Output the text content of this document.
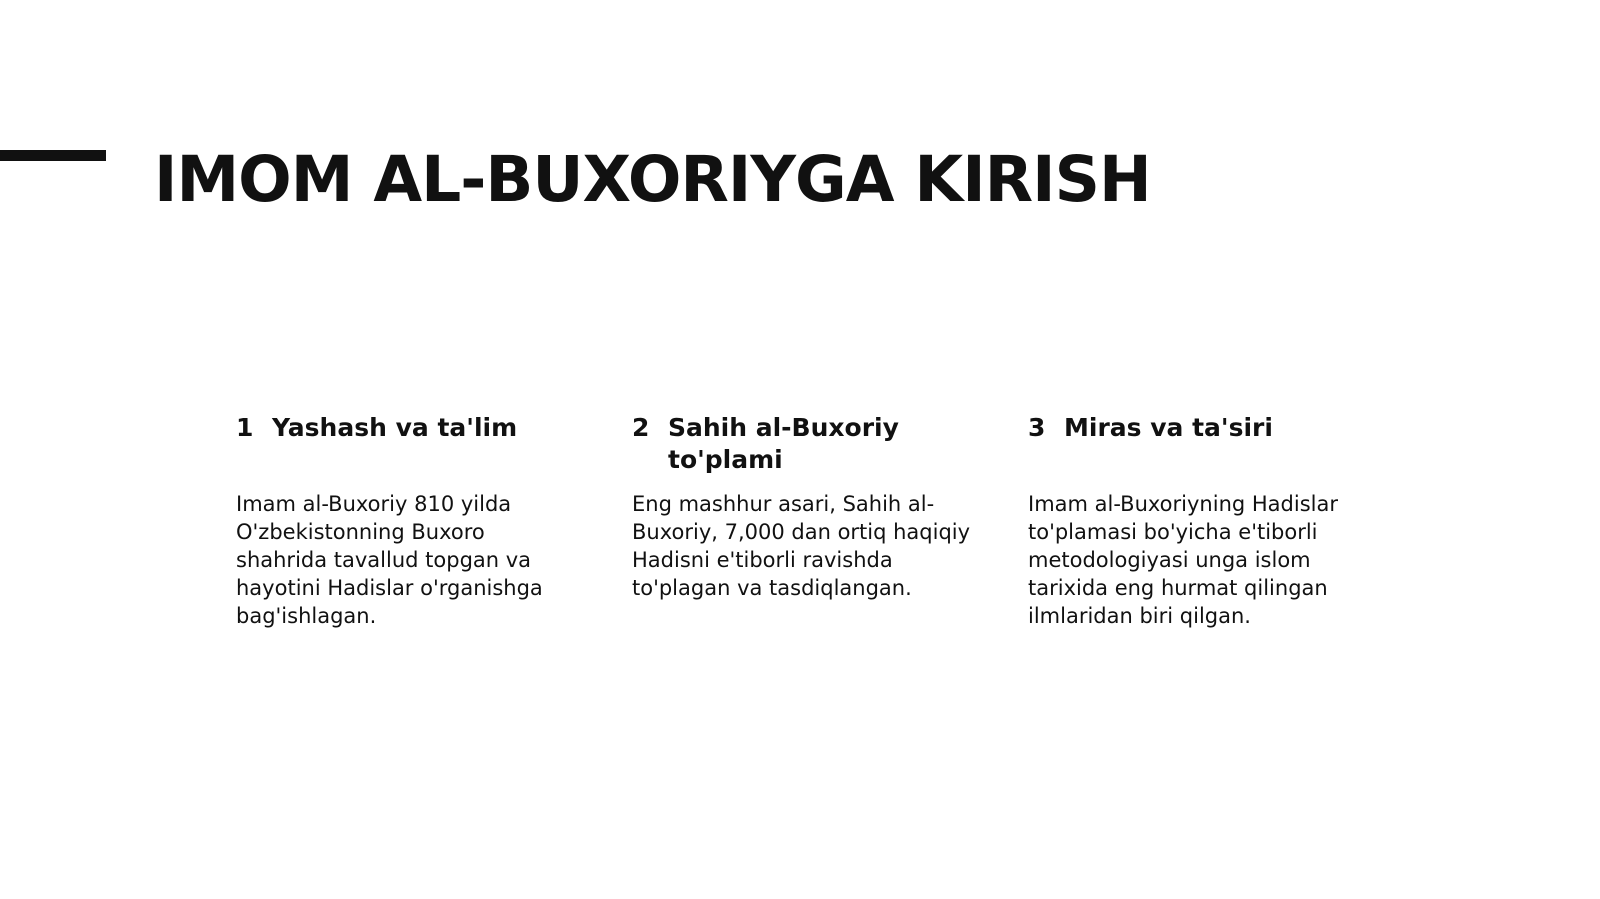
IMOM AL-BUXORIYGA KIRISH
1 Yashash va ta'lim

Imam al-Buxoriy 810 yilda O'zbekistonning Buxoro shahrida tavallud topgan va hayotini Hadislar o'rganishga bag'ishlagan.

2 Sahih al-Buxoriy to'plami

Eng mashhur asari, Sahih al-Buxoriy, 7,000 dan ortiq haqiqiy Hadisni e'tiborli ravishda to'plagan va tasdiqlangan.

3 Miras va ta'siri

Imam al-Buxoriyning Hadislar to'plamasi bo'yicha e'tiborli metodologiyasi unga islom tarixida eng hurmat qilingan ilmlaridan biri qilgan.
